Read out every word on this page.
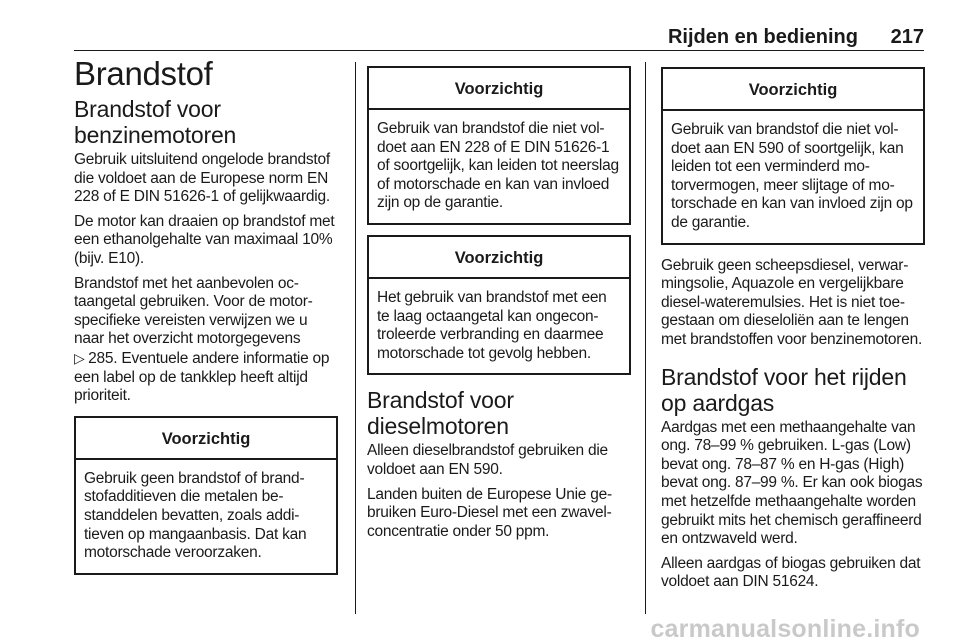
Rijden en bediening 217
Brandstof
Brandstof voor benzinemotoren

Gebruik uitsluitend ongelode brandstof die voldoet aan de Europese norm EN 228 of E DIN 51626-1 of gelijkwaardig.

De motor kan draaien op brandstof met een ethanolgehalte van maximaal 10% (bijv. E10).

Brandstof met het aanbevolen octaangetal gebruiken. Voor de motorspecifieke vereisten verwijzen we u naar het overzicht motorgegevens

▷ 285. Eventuele andere informatie op een label op de tankklep heeft altijd prioriteit.

Voorzichtig
Gebruik geen brandstof of brandstofadditieven die metalen bestanddelen bevatten, zoals additieven op mangaanbasis. Dat kan motorschade veroorzaken.
Voorzichtig
Gebruik van brandstof die niet voldoet aan EN 228 of E DIN 51626-1 of soortgelijk, kan leiden tot neerslag of motorschade en kan van invloed zijn op de garantie.
Voorzichtig
Het gebruik van brandstof met een te laag octaangetal kan ongecontroleerde verbranding en daarmee motorschade tot gevolg hebben.
Brandstof voor dieselmotoren

Alleen dieselbrandstof gebruiken die voldoet aan EN 590.

Landen buiten de Europese Unie gebruiken Euro-Diesel met een zwavelconcentratie onder 50 ppm.

Voorzichtig
Gebruik van brandstof die niet voldoet aan EN 590 of soortgelijk, kan leiden tot een verminderd motorvermogen, meer slijtage of motorschade en kan van invloed zijn op de garantie.

Gebruik geen scheepsdiesel, verwarmingsolie, Aquazole en vergelijkbare diesel-wateremulsies. Het is niet toegestaan om dieseloliën aan te lengen met brandstoffen voor benzinemotoren.

Brandstof voor het rijden op aardgas

Aardgas met een methaangehalte van ong. 78–99 % gebruiken. L-gas (Low) bevat ong. 78–87 % en H-gas (High) bevat ong. 87–99 %. Er kan ook biogas met hetzelfde methaangehalte worden gebruikt mits het chemisch geraffineerd en ontzwaveld werd.

Alleen aardgas of biogas gebruiken dat voldoet aan DIN 51624.

carmanualsonline.info
